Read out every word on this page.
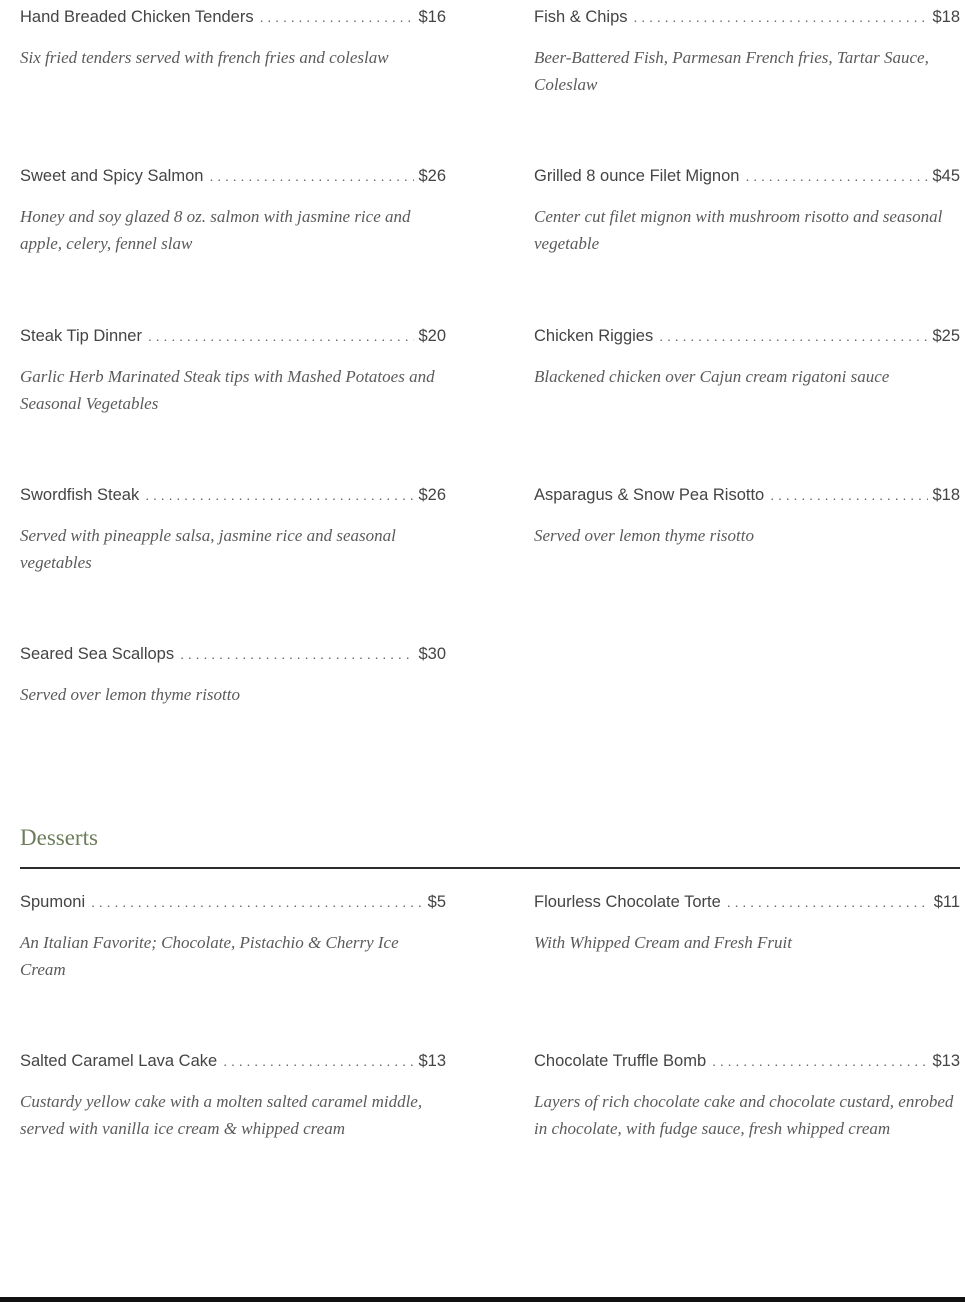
Hand Breaded Chicken Tenders . . .	$16
Six fried tenders served with french fries and coleslaw
Fish & Chips . . .	$18
Beer-Battered Fish, Parmesan French fries, Tartar Sauce, Coleslaw
Sweet and Spicy Salmon . . .	$26
Honey and soy glazed 8 oz. salmon with jasmine rice and apple, celery, fennel slaw
Grilled 8 ounce Filet Mignon . . .	$45
Center cut filet mignon with mushroom risotto and seasonal vegetable
Steak Tip Dinner . . .	$20
Garlic Herb Marinated Steak tips with Mashed Potatoes and Seasonal Vegetables
Chicken Riggies . . .	$25
Blackened chicken over Cajun cream rigatoni sauce
Swordfish Steak . . .	$26
Served with pineapple salsa, jasmine rice and seasonal vegetables
Asparagus & Snow Pea Risotto . . .	$18
Served over lemon thyme risotto
Seared Sea Scallops . . .	$30
Served over lemon thyme risotto
Desserts
Spumoni . . .	$5
An Italian Favorite; Chocolate, Pistachio & Cherry Ice Cream
Flourless Chocolate Torte . . .	$11
With Whipped Cream and Fresh Fruit
Salted Caramel Lava Cake . . .	$13
Custardy yellow cake with a molten salted caramel middle, served with vanilla ice cream & whipped cream
Chocolate Truffle Bomb . . .	$13
Layers of rich chocolate cake and chocolate custard, enrobed in chocolate, with fudge sauce, fresh whipped cream
